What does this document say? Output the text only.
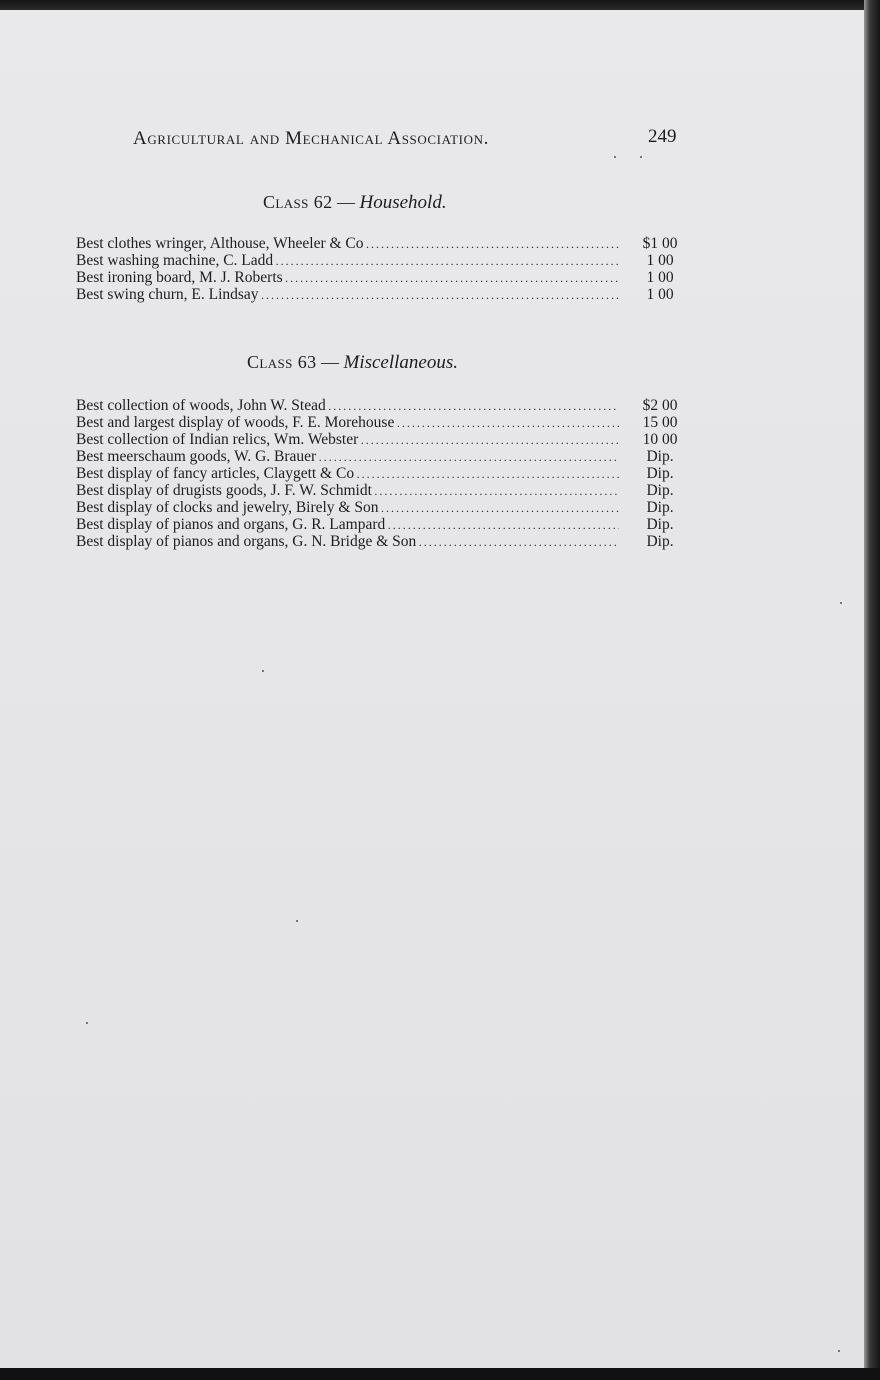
Agricultural and Mechanical Association.	249
Class 62 — Household.
Best clothes wringer, Althouse, Wheeler & Co . . .	$1 00
Best washing machine, C. Ladd . . .	1 00
Best ironing board, M. J. Roberts . . .	1 00
Best swing churn, E. Lindsay . . .	1 00
Class 63 — Miscellaneous.
Best collection of woods, John W. Stead . . .	$2 00
Best and largest display of woods, F. E. Morehouse . . .	15 00
Best collection of Indian relics, Wm. Webster . . .	10 00
Best meerschaum goods, W. G. Brauer . . .	Dip.
Best display of fancy articles, Claygett & Co . . .	Dip.
Best display of drugists goods, J. F. W. Schmidt . . .	Dip.
Best display of clocks and jewelry, Birely & Son . . .	Dip.
Best display of pianos and organs, G. R. Lampard . . .	Dip.
Best display of pianos and organs, G. N. Bridge & Son . . .	Dip.
